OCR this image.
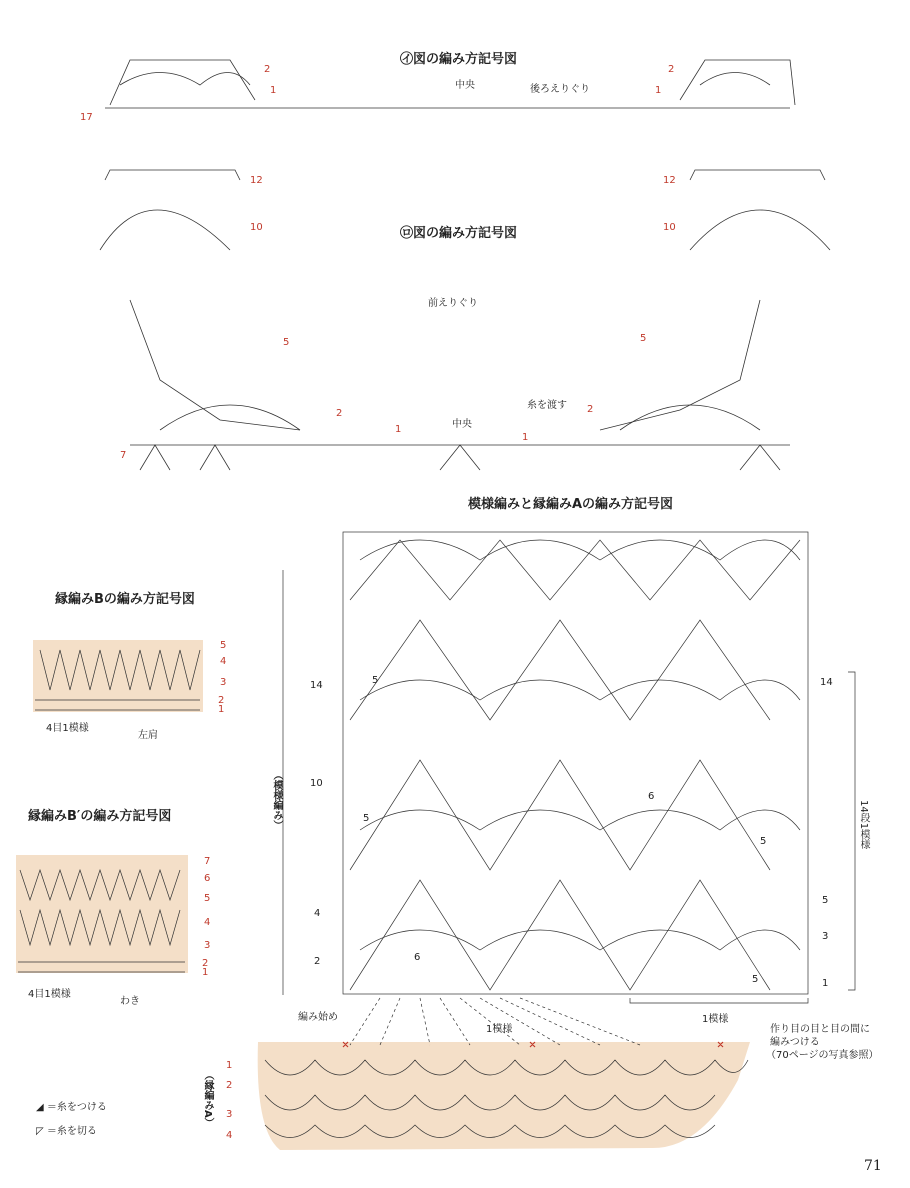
㋑図の編み方記号図
㋺図の編み方記号図
模様編みと縁編みAの編み方記号図
縁編みBの編み方記号図
縁編みB′の編み方記号図
2
1
17
2
1
中央	後ろえりぐり
12
10
5
2
1
7
12
10
5
2
1
前えりぐり
中央
糸を渡す
14
10
4
2
14
5
3
1
5
5
6
6
5
5
（模様編み）	14段1模様
1模様
編み始め
1模様	作り目の目と目の間に
編みつける
（70ページの写真参照）
（縁編みA）
1
2
3
4
5
4
3
2
1
4目1模様
左肩
7
6
5
4
3
2
1
4目1模様
わき
◢ ＝糸をつける
◸ ＝糸を切る
71
